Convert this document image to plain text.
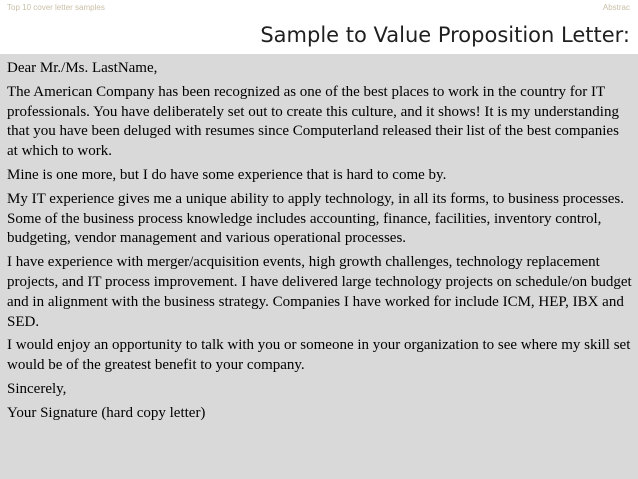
Top 10 cover letter samples	Abstrac
Sample to Value Proposition Letter:

Dear Mr./Ms. LastName,

The American Company has been recognized as one of the best places to work in the country for IT professionals. You have deliberately set out to create this culture, and it shows! It is my understanding that you have been deluged with resumes since Computerland released their list of the best companies at which to work.

Mine is one more, but I do have some experience that is hard to come by.

My IT experience gives me a unique ability to apply technology, in all its forms, to business processes. Some of the business process knowledge includes accounting, finance, facilities, inventory control, budgeting, vendor management and various operational processes.

I have experience with merger/acquisition events, high growth challenges, technology replacement projects, and IT process improvement. I have delivered large technology projects on schedule/on budget and in alignment with the business strategy. Companies I have worked for include ICM, HEP, IBX and SED.

I would enjoy an opportunity to talk with you or someone in your organization to see where my skill set would be of the greatest benefit to your company.

Sincerely,

Your Signature (hard copy letter)
